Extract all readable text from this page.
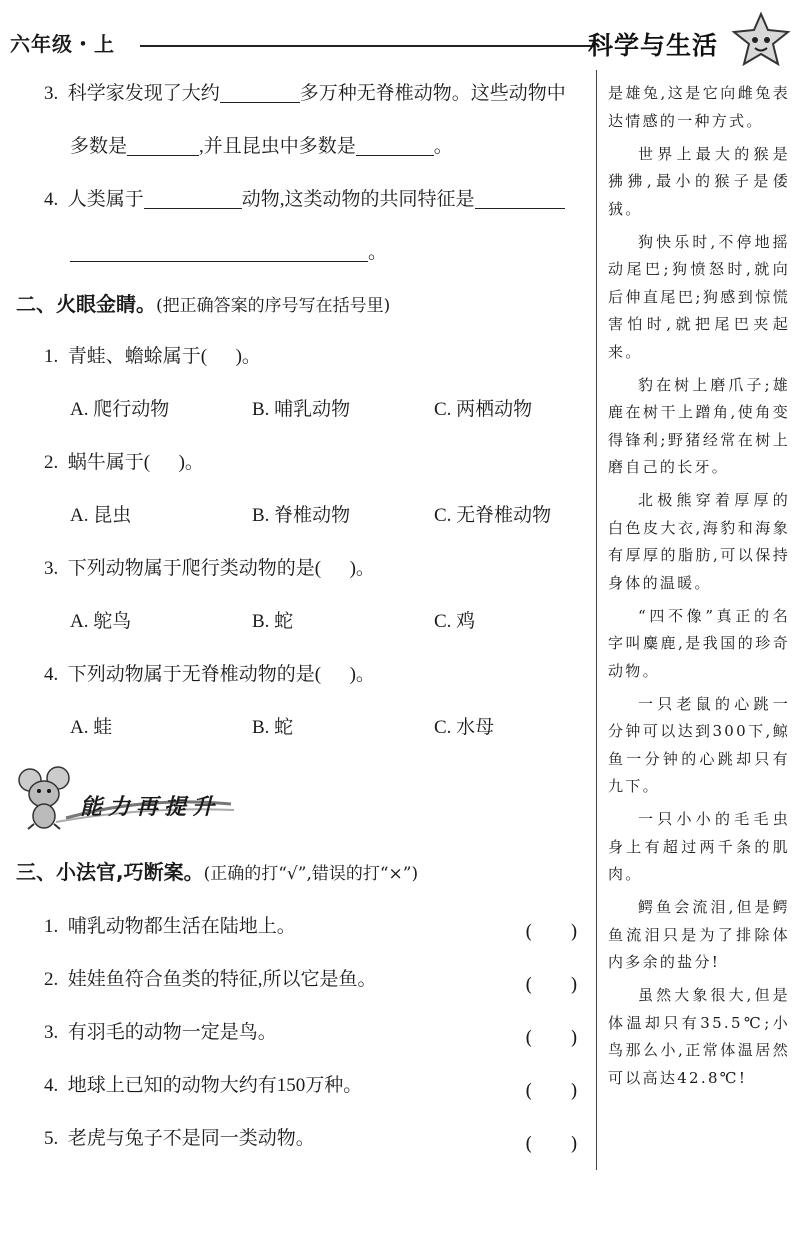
六年级・上	科学与生活
3. 科学家发现了大约	多万种无脊椎动物。这些动物中
多数是	,并且昆虫中多数是	。
4. 人类属于	动物,这类动物的共同特征是
。
二、火眼金睛。(把正确答案的序号写在括号里)
1. 青蛙、蟾蜍属于( )。
A. 爬行动物	B. 哺乳动物	C. 两栖动物
2. 蜗牛属于( )。
A. 昆虫	B. 脊椎动物	C. 无脊椎动物
3. 下列动物属于爬行类动物的是( )。
A. 鸵鸟	B. 蛇	C. 鸡
4. 下列动物属于无脊椎动物的是( )。
A. 蛙	B. 蛇	C. 水母
能力再提升
三、小法官,巧断案。(正确的打“√”,错误的打“×”)
1. 哺乳动物都生活在陆地上。	(　　)
2. 娃娃鱼符合鱼类的特征,所以它是鱼。	(　　)
3. 有羽毛的动物一定是鸟。	(　　)
4. 地球上已知的动物大约有150万种。	(　　)
5. 老虎与兔子不是同一类动物。	(　　)

是雄兔,这是它向雌兔表达情感的一种方式。

世界上最大的猴是狒狒,最小的猴子是倭狨。

狗快乐时,不停地摇动尾巴;狗愤怒时,就向后伸直尾巴;狗感到惊慌害怕时,就把尾巴夹起来。

豹在树上磨爪子;雄鹿在树干上蹭角,使角变得锋利;野猪经常在树上磨自己的长牙。

北极熊穿着厚厚的白色皮大衣,海豹和海象有厚厚的脂肪,可以保持身体的温暖。

“四不像”真正的名字叫麋鹿,是我国的珍奇动物。

一只老鼠的心跳一分钟可以达到300下,鲸鱼一分钟的心跳却只有九下。

一只小小的毛毛虫身上有超过两千条的肌肉。

鳄鱼会流泪,但是鳄鱼流泪只是为了排除体内多余的盐分!

虽然大象很大,但是体温却只有35.5℃;小鸟那么小,正常体温居然可以高达42.8℃!
